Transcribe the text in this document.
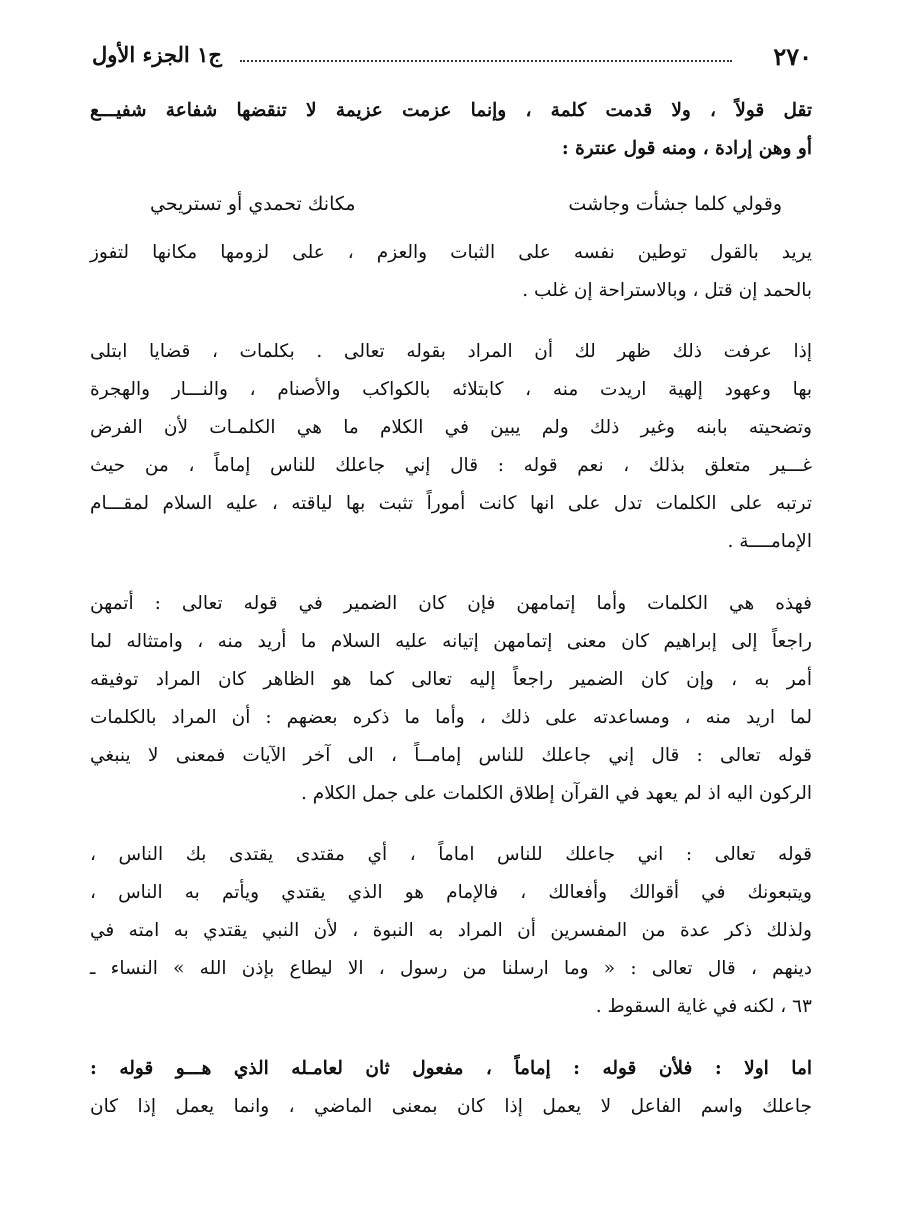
٢٧٠
ج١ الجزء الأول
تقل قولاً ، ولا قدمت كلمة ، وإنما عزمت عزيمة لا تنقضها شفاعة شفيـــع
أو وهن إرادة ، ومنه قول عنترة :
يريد بالقول توطين نفسه على الثبات والعزم ، على لزومها مكانها لتفوز
بالحمد إن قتل ، وبالاستراحة إن غلب .
إذا عرفت ذلك ظهر لك أن المراد بقوله تعالى . بكلمات ، قضايا ابتلى
بها وعهود إلهية اريدت منه ، كابتلائه بالكواكب والأصنام ، والنـــار والهجرة
وتضحيته بابنه وغير ذلك ولم يبين في الكلام ما هي الكلمـات لأن الفرض
غـــير متعلق بذلك ، نعم قوله : قال إني جاعلك للناس إماماً ، من حيث
ترتبه على الكلمات تدل على انها كانت أموراً تثبت بها لياقته ، عليه السلام لمقـــام
الإمامــــة .
فهذه هي الكلمات وأما إتمامهن فإن كان الضمير في قوله تعالى : أتمهن
راجعاً إلى إبراهيم كان معنى إتمامهن إتيانه عليه السلام ما أريد منه ، وامتثاله لما
أمر به ، وإن كان الضمير راجعاً إليه تعالى كما هو الظاهر كان المراد توفيقه
لما اريد منه ، ومساعدته على ذلك ، وأما ما ذكره بعضهم : أن المراد بالكلمات
قوله تعالى : قال إني جاعلك للناس إمامــاً ، الى آخر الآيات فمعنى لا ينبغي
الركون اليه اذ لم يعهد في القرآن إطلاق الكلمات على جمل الكلام .
قوله تعالى : اني جاعلك للناس اماماً ، أي مقتدى يقتدى بك الناس ،
ويتبعونك في أقوالك وأفعالك ، فالإمام هو الذي يقتدي ويأتم به الناس ،
ولذلك ذكر عدة من المفسرين أن المراد به النبوة ، لأن النبي يقتدي به امته في
دينهم ، قال تعالى : « وما ارسلنا من رسول ، الا ليطاع بإذن الله » النساء ـ
٦٣ ، لكنه في غاية السقوط .
اما اولا : فلأن قوله : إماماً ، مفعول ثان لعامـله الذي هـــو قوله :
جاعلك واسم الفاعل لا يعمل إذا كان بمعنى الماضي ، وانما يعمل إذا كان
وقولي كلما جشأت وجاشت
مكانك تحمدي أو تستريحي
